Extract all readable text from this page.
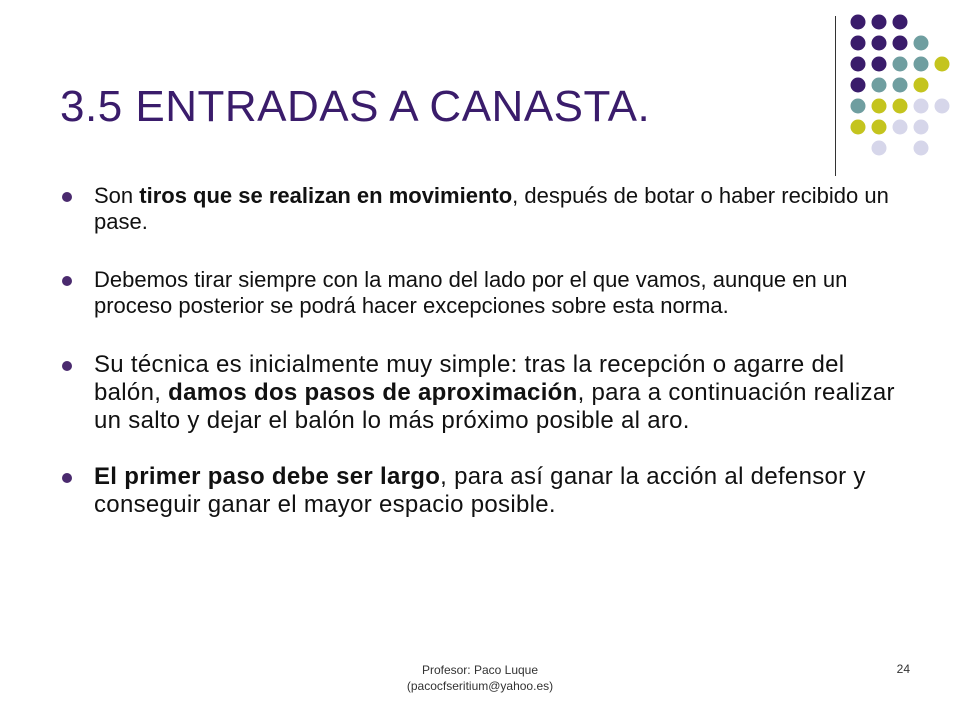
3.5 ENTRADAS A CANASTA.
Son tiros que se realizan en movimiento, después de botar o haber recibido un pase.
Debemos tirar siempre con la mano del lado por el que vamos, aunque en un proceso posterior se podrá hacer excepciones sobre esta norma.
Su técnica es inicialmente muy simple: tras la recepción o agarre del balón, damos dos pasos de aproximación, para a continuación realizar un salto y dejar el balón lo más próximo posible al aro.
El primer paso debe ser largo, para así ganar la acción al defensor y conseguir ganar el mayor espacio posible.

Profesor: Paco Luque
(pacocfseritium@yahoo.es)

24
